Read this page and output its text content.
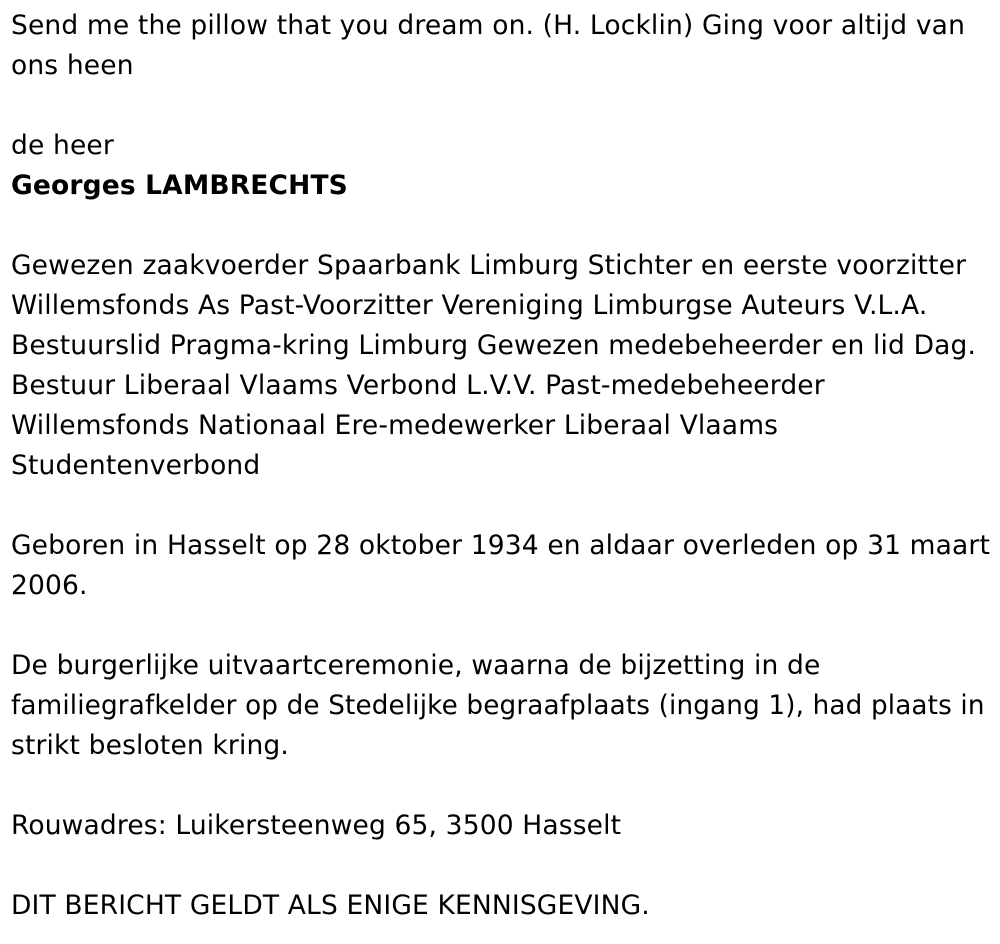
Send me the pillow that you dream on. (H. Locklin) Ging voor altijd van
ons heen
de heer
Georges LAMBRECHTS
Gewezen zaakvoerder Spaarbank Limburg Stichter en eerste voorzitter
Willemsfonds As Past-Voorzitter Vereniging Limburgse Auteurs V.L.A.
Bestuurslid Pragma-kring Limburg Gewezen medebeheerder en lid Dag.
Bestuur Liberaal Vlaams Verbond L.V.V. Past-medebeheerder
Willemsfonds Nationaal Ere-medewerker Liberaal Vlaams
Studentenverbond
Geboren in Hasselt op 28 oktober 1934 en aldaar overleden op 31 maart
2006.
De burgerlijke uitvaartceremonie, waarna de bijzetting in de
familiegrafkelder op de Stedelijke begraafplaats (ingang 1), had plaats in
strikt besloten kring.
Rouwadres: Luikersteenweg 65, 3500 Hasselt
DIT BERICHT GELDT ALS ENIGE KENNISGEVING.
